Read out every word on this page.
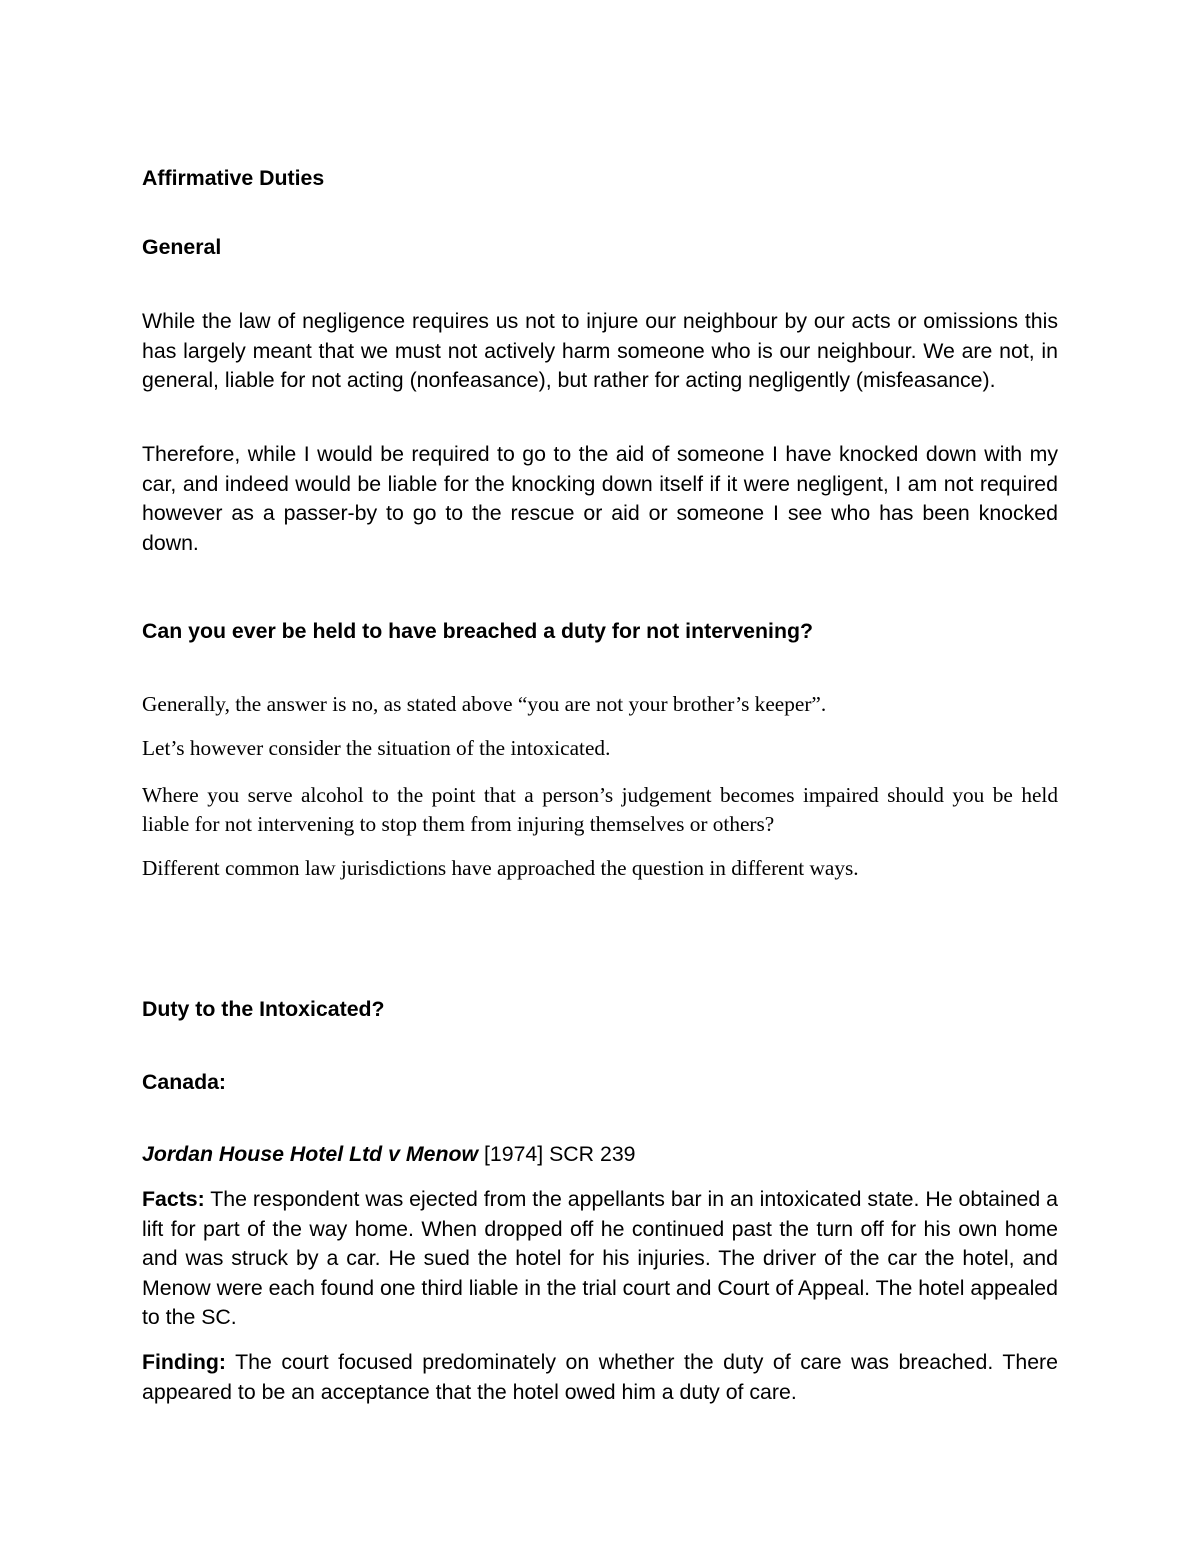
Affirmative Duties
General

While the law of negligence requires us not to injure our neighbour by our acts or omissions this has largely meant that we must not actively harm someone who is our neighbour. We are not, in general, liable for not acting (nonfeasance), but rather for acting negligently (misfeasance).

Therefore, while I would be required to go to the aid of someone I have knocked down with my car, and indeed would be liable for the knocking down itself if it were negligent, I am not required however as a passer-by to go to the rescue or aid or someone I see who has been knocked down.

Can you ever be held to have breached a duty for not intervening?

Generally, the answer is no, as stated above “you are not your brother’s keeper”.

Let’s however consider the situation of the intoxicated.

Where you serve alcohol to the point that a person’s judgement becomes impaired should you be held liable for not intervening to stop them from injuring themselves or others?

Different common law jurisdictions have approached the question in different ways.

Duty to the Intoxicated?
Canada:

Jordan House Hotel Ltd v Menow [1974] SCR 239

Facts: The respondent was ejected from the appellants bar in an intoxicated state. He obtained a lift for part of the way home. When dropped off he continued past the turn off for his own home and was struck by a car. He sued the hotel for his injuries. The driver of the car the hotel, and Menow were each found one third liable in the trial court and Court of Appeal. The hotel appealed to the SC.

Finding: The court focused predominately on whether the duty of care was breached. There appeared to be an acceptance that the hotel owed him a duty of care.
